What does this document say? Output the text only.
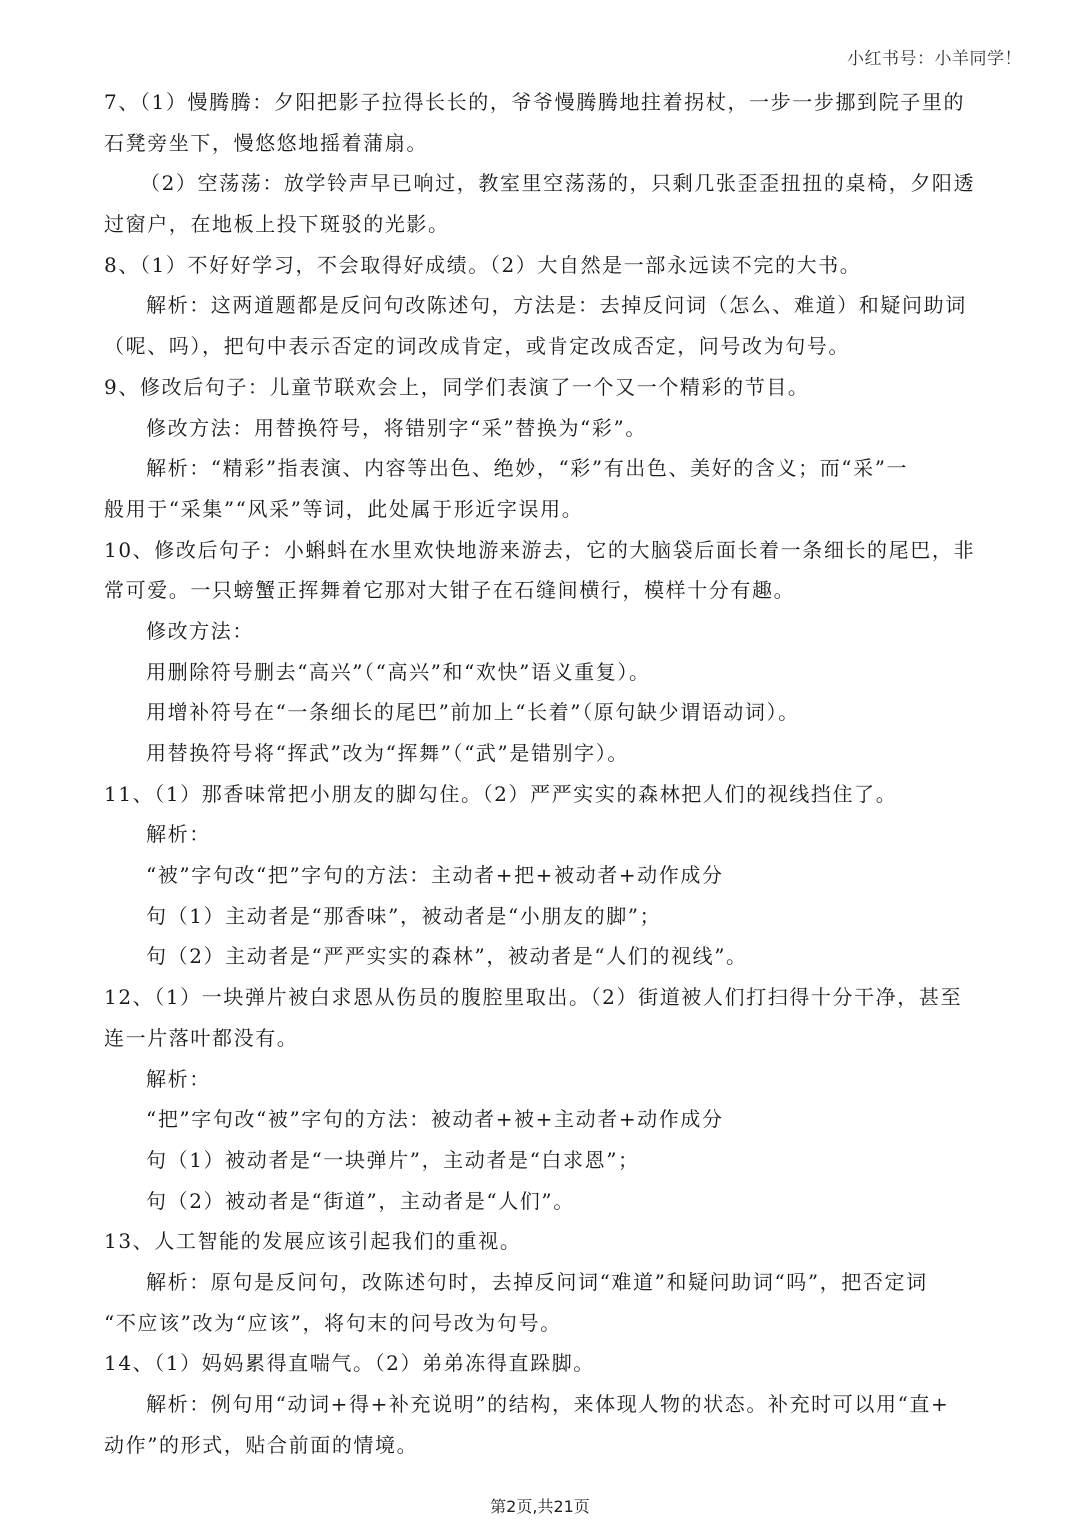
小红书号：小羊同学！
7、（1）慢腾腾：夕阳把影子拉得长长的，爷爷慢腾腾地拄着拐杖，一步一步挪到院子里的
石凳旁坐下，慢悠悠地摇着蒲扇。
（2）空荡荡：放学铃声早已响过，教室里空荡荡的，只剩几张歪歪扭扭的桌椅，夕阳透
过窗户，在地板上投下斑驳的光影。
8、（1）不好好学习，不会取得好成绩。（2）大自然是一部永远读不完的大书。
解析：这两道题都是反问句改陈述句，方法是：去掉反问词（怎么、难道）和疑问助词
（呢、吗），把句中表示否定的词改成肯定，或肯定改成否定，问号改为句号。
9、修改后句子：儿童节联欢会上，同学们表演了一个又一个精彩的节目。
修改方法：用替换符号，将错别字“采”替换为“彩”。
解析：“精彩”指表演、内容等出色、绝妙，“彩”有出色、美好的含义；而“采”一
般用于“采集”“风采”等词，此处属于形近字误用。
10、修改后句子：小蝌蚪在水里欢快地游来游去，它的大脑袋后面长着一条细长的尾巴，非
常可爱。一只螃蟹正挥舞着它那对大钳子在石缝间横行，模样十分有趣。
修改方法：
用删除符号删去“高兴”（“高兴”和“欢快”语义重复）。
用增补符号在“一条细长的尾巴”前加上“长着”（原句缺少谓语动词）。
用替换符号将“挥武”改为“挥舞”（“武”是错别字）。
11、（1）那香味常把小朋友的脚勾住。（2）严严实实的森林把人们的视线挡住了。
解析：
“被”字句改“把”字句的方法：主动者+把+被动者+动作成分
句（1）主动者是“那香味”，被动者是“小朋友的脚”；
句（2）主动者是“严严实实的森林”，被动者是“人们的视线”。
12、（1）一块弹片被白求恩从伤员的腹腔里取出。（2）街道被人们打扫得十分干净，甚至
连一片落叶都没有。
解析：
“把”字句改“被”字句的方法：被动者+被+主动者+动作成分
句（1）被动者是“一块弹片”，主动者是“白求恩”；
句（2）被动者是“街道”，主动者是“人们”。
13、人工智能的发展应该引起我们的重视。
解析：原句是反问句，改陈述句时，去掉反问词“难道”和疑问助词“吗”，把否定词
“不应该”改为“应该”，将句末的问号改为句号。
14、（1）妈妈累得直喘气。（2）弟弟冻得直跺脚。
解析：例句用“动词+得+补充说明”的结构，来体现人物的状态。补充时可以用“直+
动作”的形式，贴合前面的情境。
第2页,共21页
